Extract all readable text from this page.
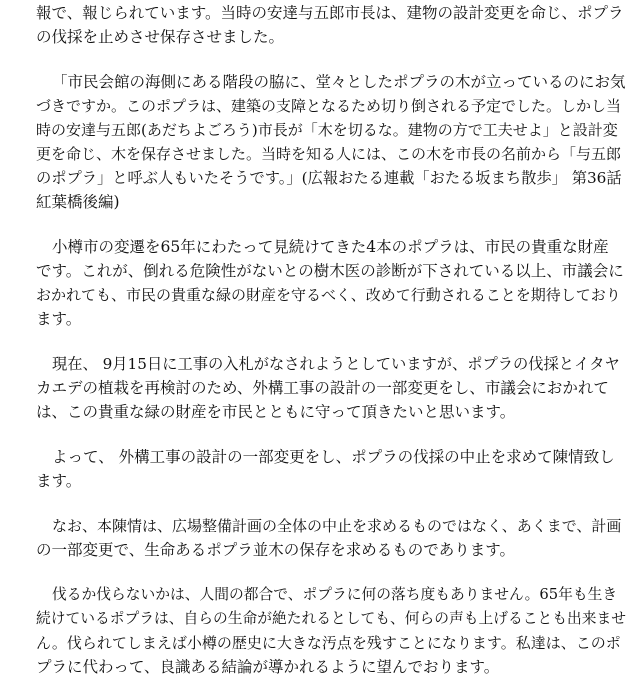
報で、報じられています。当時の安達与五郎市長は、建物の設計変更を命じ、ポプラ
の伐採を止めさせ保存させました。
「市民会館の海側にある階段の脇に、堂々としたポプラの木が立っているのにお気
づきですか。このポプラは、建築の支障となるため切り倒される予定でした。しかし当
時の安達与五郎(あだちよごろう)市長が「木を切るな。建物の方で工夫せよ」と設計変
更を命じ、木を保存させました。当時を知る人には、この木を市長の名前から「与五郎
のポプラ」と呼ぶ人もいたそうです。」(広報おたる連載「おたる坂まち散歩」 第36話
紅葉橋後編)
小樽市の変遷を65年にわたって見続けてきた4本のポプラは、市民の貴重な財産
です。これが、倒れる危険性がないとの樹木医の診断が下されている以上、市議会に
おかれても、市民の貴重な緑の財産を守るべく、改めて行動されることを期待しており
ます。
現在、 9月15日に工事の入札がなされようとしていますが、ポプラの伐採とイタヤ
カエデの植栽を再検討のため、外構工事の設計の一部変更をし、市議会におかれて
は、この貴重な緑の財産を市民とともに守って頂きたいと思います。
よって、 外構工事の設計の一部変更をし、ポプラの伐採の中止を求めて陳情致し
ます。
なお、本陳情は、広場整備計画の全体の中止を求めるものではなく、あくまで、計画
の一部変更で、生命あるポプラ並木の保存を求めるものであります。
伐るか伐らないかは、人間の都合で、ポプラに何の落ち度もありません。65年も生き
続けているポプラは、自らの生命が絶たれるとしても、何らの声も上げることも出来ませ
ん。伐られてしまえば小樽の歴史に大きな汚点を残すことになります。私達は、このポ
プラに代わって、良識ある結論が導かれるように望んでおります。
